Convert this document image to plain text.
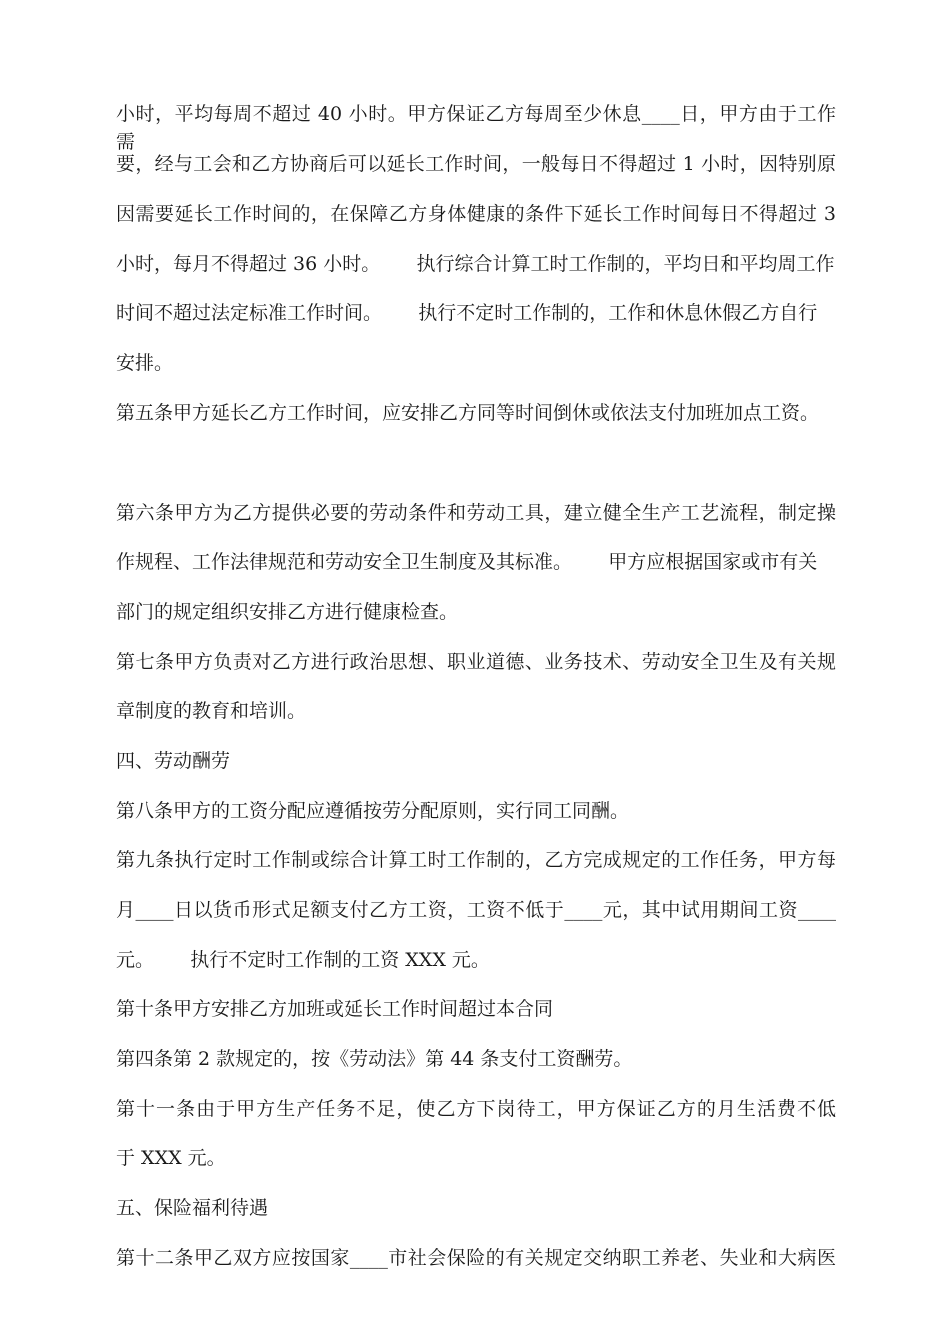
小时，平均每周不超过 40 小时。甲方保证乙方每周至少休息____日，甲方由于工作需
要，经与工会和乙方协商后可以延长工作时间，一般每日不得超过 1 小时，因特别原
因需要延长工作时间的，在保障乙方身体健康的条件下延长工作时间每日不得超过 3
小时，每月不得超过 36 小时。      执行综合计算工时工作制的，平均日和平均周工作
时间不超过法定标准工作时间。      执行不定时工作制的，工作和休息休假乙方自行
安排。
第五条甲方延长乙方工作时间，应安排乙方同等时间倒休或依法支付加班加点工资。
第六条甲方为乙方提供必要的劳动条件和劳动工具，建立健全生产工艺流程，制定操
作规程、工作法律规范和劳动安全卫生制度及其标准。      甲方应根据国家或市有关
部门的规定组织安排乙方进行健康检查。
第七条甲方负责对乙方进行政治思想、职业道德、业务技术、劳动安全卫生及有关规
章制度的教育和培训。
四、劳动酬劳
第八条甲方的工资分配应遵循按劳分配原则，实行同工同酬。
第九条执行定时工作制或综合计算工时工作制的，乙方完成规定的工作任务，甲方每
月____日以货币形式足额支付乙方工资，工资不低于____元，其中试用期间工资____
元。      执行不定时工作制的工资 XXX 元。
第十条甲方安排乙方加班或延长工作时间超过本合同
第四条第 2 款规定的，按《劳动法》第 44 条支付工资酬劳。
第十一条由于甲方生产任务不足，使乙方下岗待工，甲方保证乙方的月生活费不低
于 XXX 元。
五、保险福利待遇
第十二条甲乙双方应按国家____市社会保险的有关规定交纳职工养老、失业和大病医
